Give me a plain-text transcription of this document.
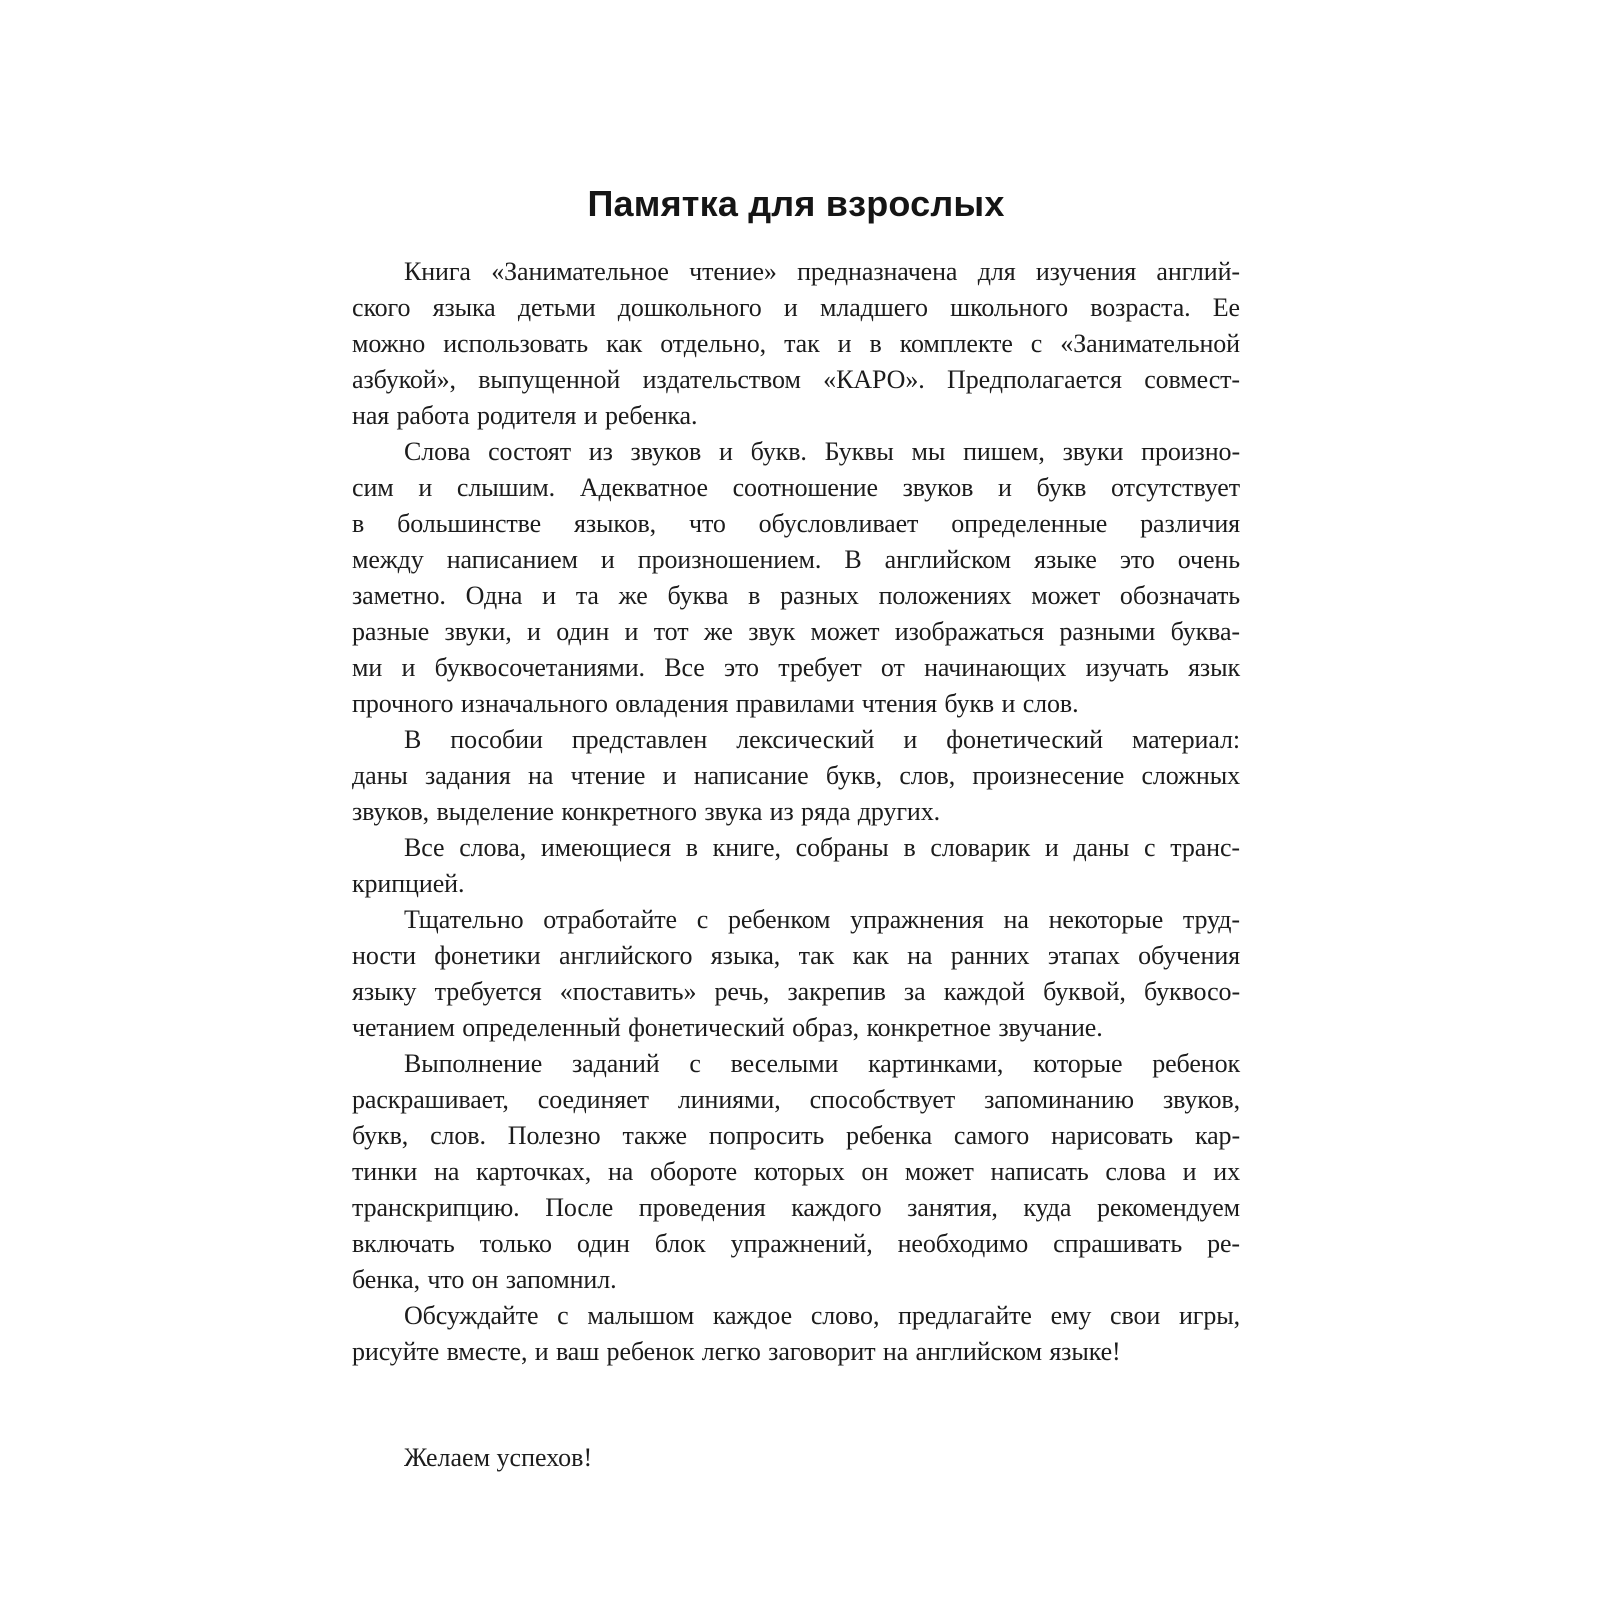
Памятка для взрослых
Книга «Занимательное чтение» предназначена для изучения англий-
ского языка детьми дошкольного и младшего школьного возраста. Ее
можно использовать как отдельно, так и в комплекте с «Занимательной
азбукой», выпущенной издательством «КАРО». Предполагается совмест-
ная работа родителя и ребенка.
Слова состоят из звуков и букв. Буквы мы пишем, звуки произно-
сим и слышим. Адекватное соотношение звуков и букв отсутствует
в большинстве языков, что обусловливает определенные различия
между написанием и произношением. В английском языке это очень
заметно. Одна и та же буква в разных положениях может обозначать
разные звуки, и один и тот же звук может изображаться разными буква-
ми и буквосочетаниями. Все это требует от начинающих изучать язык
прочного изначального овладения правилами чтения букв и слов.
В пособии представлен лексический и фонетический материал:
даны задания на чтение и написание букв, слов, произнесение сложных
звуков, выделение конкретного звука из ряда других.
Все слова, имеющиеся в книге, собраны в словарик и даны с транс-
крипцией.
Тщательно отработайте с ребенком упражнения на некоторые труд-
ности фонетики английского языка, так как на ранних этапах обучения
языку требуется «поставить» речь, закрепив за каждой буквой, буквосо-
четанием определенный фонетический образ, конкретное звучание.
Выполнение заданий с веселыми картинками, которые ребенок
раскрашивает, соединяет линиями, способствует запоминанию звуков,
букв, слов. Полезно также попросить ребенка самого нарисовать кар-
тинки на карточках, на обороте которых он может написать слова и их
транскрипцию. После проведения каждого занятия, куда рекомендуем
включать только один блок упражнений, необходимо спрашивать ре-
бенка, что он запомнил.
Обсуждайте с малышом каждое слово, предлагайте ему свои игры,
рисуйте вместе, и ваш ребенок легко заговорит на английском языке!

Желаем успехов!
